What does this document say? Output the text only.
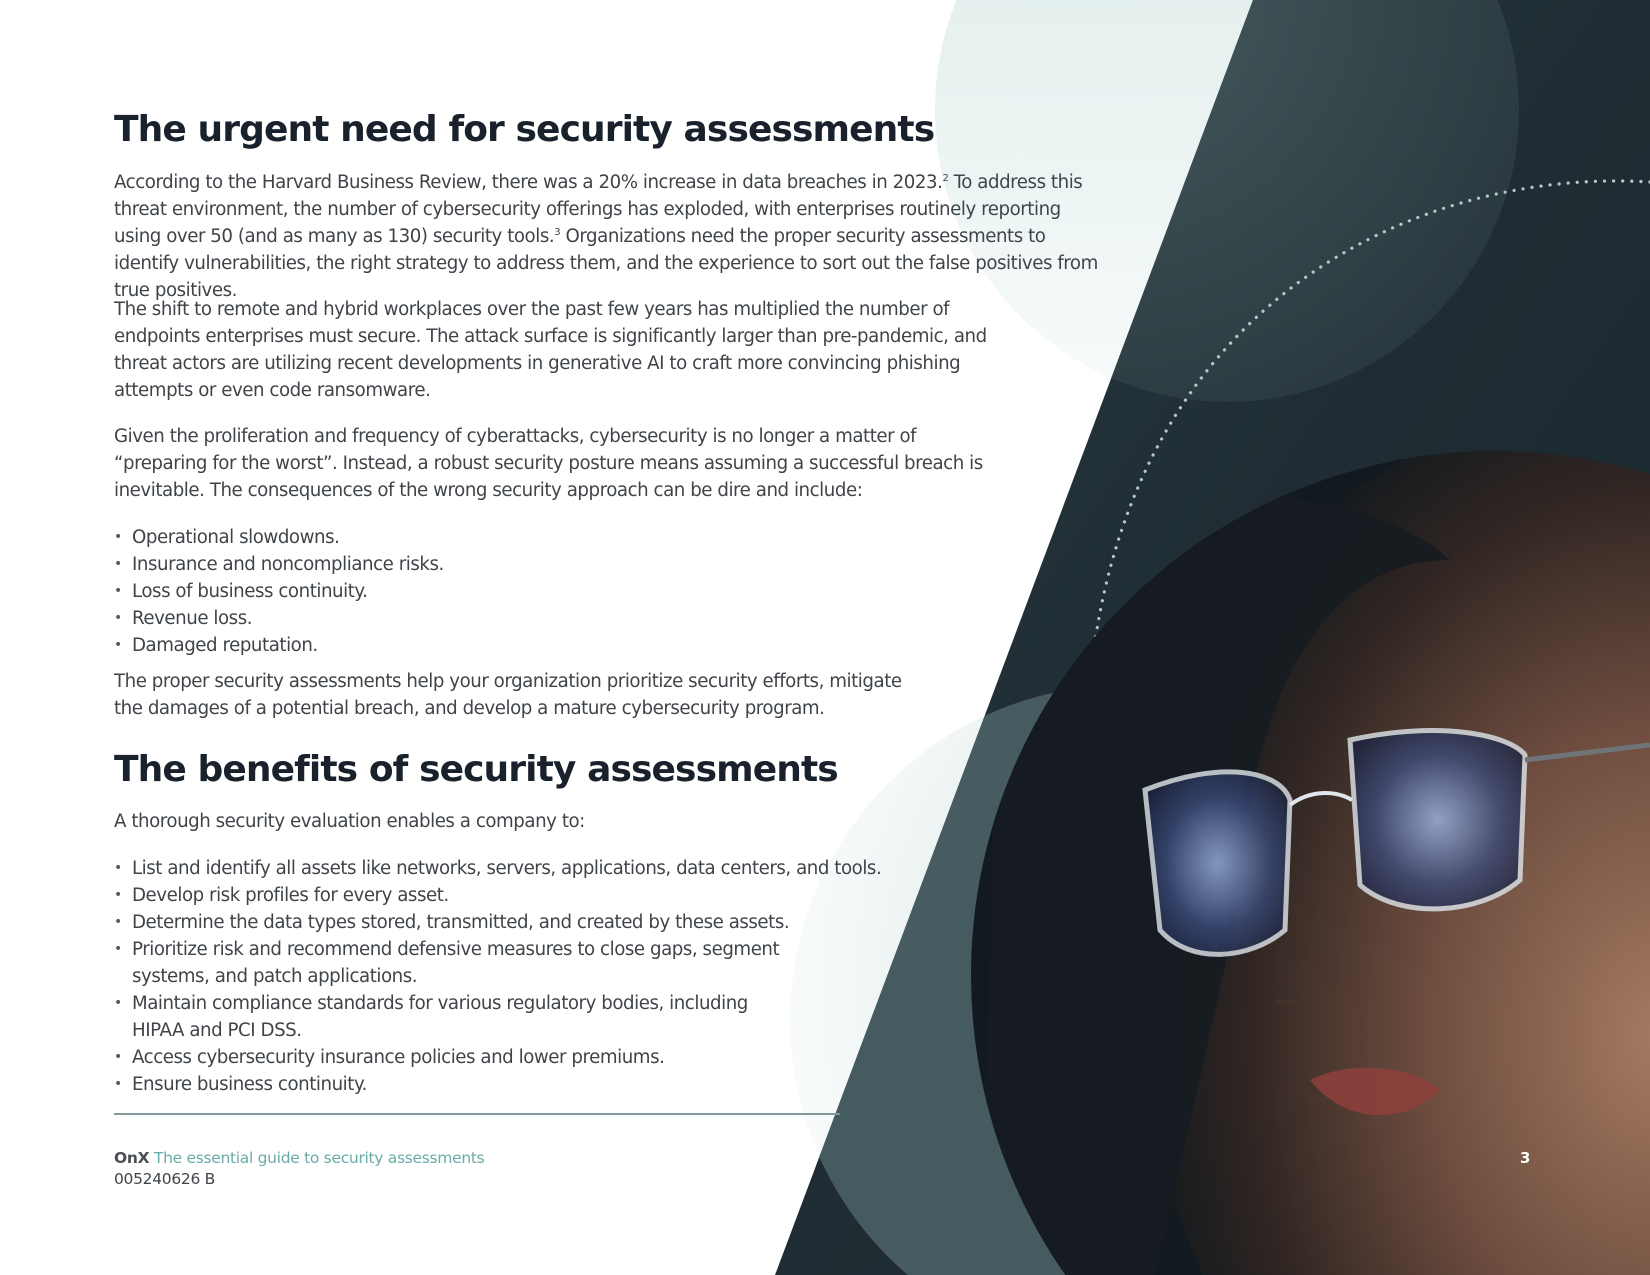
The urgent need for security assessments

According to the Harvard Business Review, there was a 20% increase in data breaches in 2023.$^2$ To address this threat environment, the number of cybersecurity offerings has exploded, with enterprises routinely reporting using over 50 (and as many as 130) security tools.$^3$ Organizations need the proper security assessments to identify vulnerabilities, the right strategy to address them, and the experience to sort out the false positives from true positives.

The shift to remote and hybrid workplaces over the past few years has multiplied the number of endpoints enterprises must secure. The attack surface is significantly larger than pre-pandemic, and threat actors are utilizing recent developments in generative AI to craft more convincing phishing attempts or even code ransomware.

Given the proliferation and frequency of cyberattacks, cybersecurity is no longer a matter of “preparing for the worst”. Instead, a robust security posture means assuming a successful breach is inevitable. The consequences of the wrong security approach can be dire and include:

• Operational slowdowns.
• Insurance and noncompliance risks.
• Loss of business continuity.
• Revenue loss.
• Damaged reputation.

The proper security assessments help your organization prioritize security efforts, mitigate the damages of a potential breach, and develop a mature cybersecurity program.

The benefits of security assessments

A thorough security evaluation enables a company to:

• List and identify all assets like networks, servers, applications, data centers, and tools.
• Develop risk profiles for every asset.
• Determine the data types stored, transmitted, and created by these assets.
• Prioritize risk and recommend defensive measures to close gaps, segment systems, and patch applications.
• Maintain compliance standards for various regulatory bodies, including HIPAA and PCI DSS.
• Access cybersecurity insurance policies and lower premiums.
• Ensure business continuity.
OnX The essential guide to security assessments
005240626 B
3
